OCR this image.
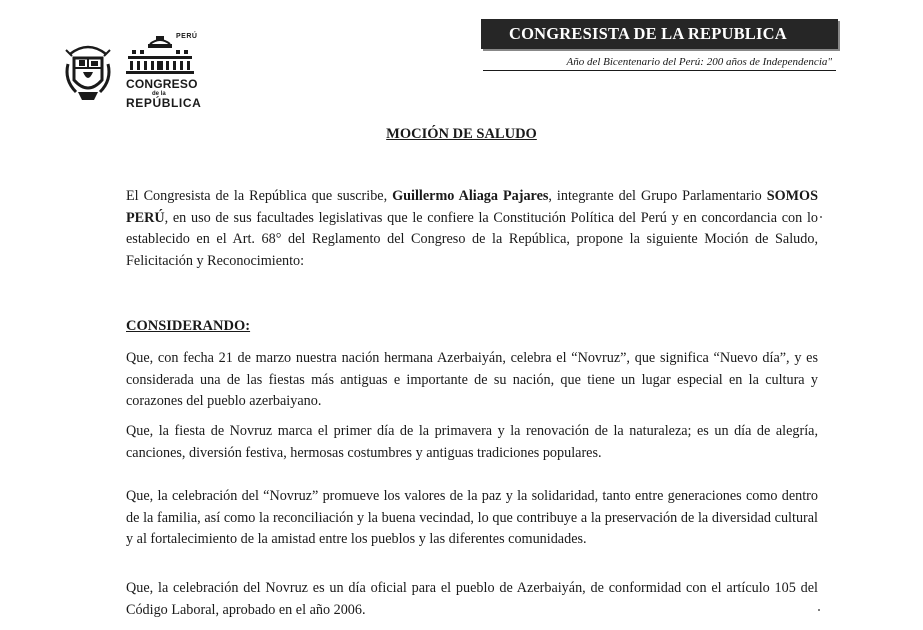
PERÚ
CONGRESO
de la
REPÚBLICA
CONGRESISTA DE LA REPUBLICA
Año del Bicentenario del Perú: 200 años de Independencia"
MOCIÓN DE SALUDO
El Congresista de la República que suscribe, Guillermo Aliaga Pajares, integrante del Grupo Parlamentario SOMOS PERÚ, en uso de sus facultades legislativas que le confiere la Constitución Política del Perú y en concordancia con lo establecido en el Art. 68° del Reglamento del Congreso de la República, propone la siguiente Moción de Saludo, Felicitación y Reconocimiento:
CONSIDERANDO:
Que, con fecha 21 de marzo nuestra nación hermana Azerbaiyán, celebra el “Novruz”, que significa “Nuevo día”, y es considerada una de las fiestas más antiguas e importante de su nación, que tiene un lugar especial en la cultura y corazones del pueblo azerbaiyano.
Que, la fiesta de Novruz marca el primer día de la primavera y la renovación de la naturaleza; es un día de alegría, canciones, diversión festiva, hermosas costumbres y antiguas tradiciones populares.
Que, la celebración del “Novruz” promueve los valores de la paz y la solidaridad, tanto entre generaciones como dentro de la familia, así como la reconciliación y la buena vecindad, lo que contribuye a la preservación de la diversidad cultural y al fortalecimiento de la amistad entre los pueblos y las diferentes comunidades.
Que, la celebración del Novruz es un día oficial para el pueblo de Azerbaiyán, de conformidad con el artículo 105 del Código Laboral, aprobado en el año 2006.
